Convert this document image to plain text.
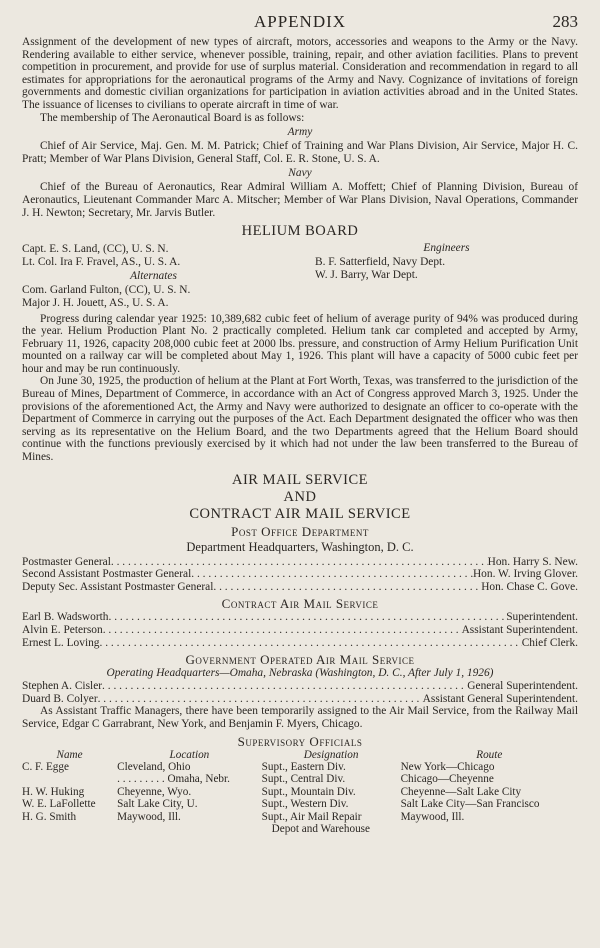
APPENDIX	283

Assignment of the development of new types of aircraft, motors, accessories and weapons to the Army or the Navy. Rendering available to either service, whenever possible, training, repair, and other aviation facilities. Plans to prevent competition in procurement, and provide for use of surplus material. Consideration and recommendation in regard to all estimates for appropriations for the aeronautical programs of the Army and Navy. Cognizance of invitations of foreign governments and domestic civilian organizations for participation in aviation activities abroad and in the United States. The issuance of licenses to civilians to operate aircraft in time of war.

The membership of The Aeronautical Board is as follows:

Army

Chief of Air Service, Maj. Gen. M. M. Patrick; Chief of Training and War Plans Division, Air Service, Major H. C. Pratt; Member of War Plans Division, General Staff, Col. E. R. Stone, U. S. A.

Navy

Chief of the Bureau of Aeronautics, Rear Admiral William A. Moffett; Chief of Planning Division, Bureau of Aeronautics, Lieutenant Commander Marc A. Mitscher; Member of War Plans Division, Naval Operations, Commander J. H. Newton; Secretary, Mr. Jarvis Butler.

HELIUM BOARD
Capt. E. S. Land, (CC), U. S. N.
Lt. Col. Ira F. Fravel, AS., U. S. A.
Alternates
Com. Garland Fulton, (CC), U. S. N.
Major J. H. Jouett, AS., U. S. A.
Engineers
B. F. Satterfield, Navy Dept.
W. J. Barry, War Dept.

Progress during calendar year 1925: 10,389,682 cubic feet of helium of average purity of 94% was produced during the year. Helium Production Plant No. 2 practically completed. Helium tank car completed and accepted by Army, February 11, 1926, capacity 208,000 cubic feet at 2000 lbs. pressure, and construction of Army Helium Purification Unit mounted on a railway car will be completed about May 1, 1926. This plant will have a capacity of 5000 cubic feet per hour and may be run continuously.

On June 30, 1925, the production of helium at the Plant at Fort Worth, Texas, was transferred to the jurisdiction of the Bureau of Mines, Department of Commerce, in accordance with an Act of Congress approved March 3, 1925. Under the provisions of the aforementioned Act, the Army and Navy were authorized to designate an officer to co-operate with the Department of Commerce in carrying out the purposes of the Act. Each Department designated the officer who was then serving as its representative on the Helium Board, and the two Departments agreed that the Helium Board should continue with the functions previously exercised by it which had not under the law been transferred to the Bureau of Mines.

AIR MAIL SERVICE
AND
CONTRACT AIR MAIL SERVICE
Post Office Department
Department Headquarters, Washington, D. C.
Postmaster General . . .	Hon. Harry S. New.
Second Assistant Postmaster General . . .	Hon. W. Irving Glover.
Deputy Sec. Assistant Postmaster General . . .	Hon. Chase C. Gove.
Contract Air Mail Service
Earl B. Wadsworth . . .	Superintendent.
Alvin E. Peterson . . .	Assistant Superintendent.
Ernest L. Loving . . .	Chief Clerk.
Government Operated Air Mail Service
Operating Headquarters—Omaha, Nebraska (Washington, D. C., After July 1, 1926)
Stephen A. Cisler . . .	General Superintendent.
Duard B. Colyer . . .	Assistant General Superintendent.

As Assistant Traffic Managers, there have been temporarily assigned to the Air Mail Service, from the Railway Mail Service, Edgar C Garrabrant, New York, and Benjamin F. Myers, Chicago.

Supervisory Officials
Name	Location	Designation	Route
C. F. Egge	Cleveland, Ohio	Supt., Eastern Div.	New York—Chicago
	. . . . . . . . . Omaha, Nebr.	Supt., Central Div.	Chicago—Cheyenne
H. W. Huking	Cheyenne, Wyo.	Supt., Mountain Div.	Cheyenne—Salt Lake City
W. E. LaFollette	Salt Lake City, U.	Supt., Western Div.	Salt Lake City—San Francisco
H. G. Smith	Maywood, Ill.	Supt., Air Mail Repair	Maywood, Ill.
		Depot and Warehouse	
